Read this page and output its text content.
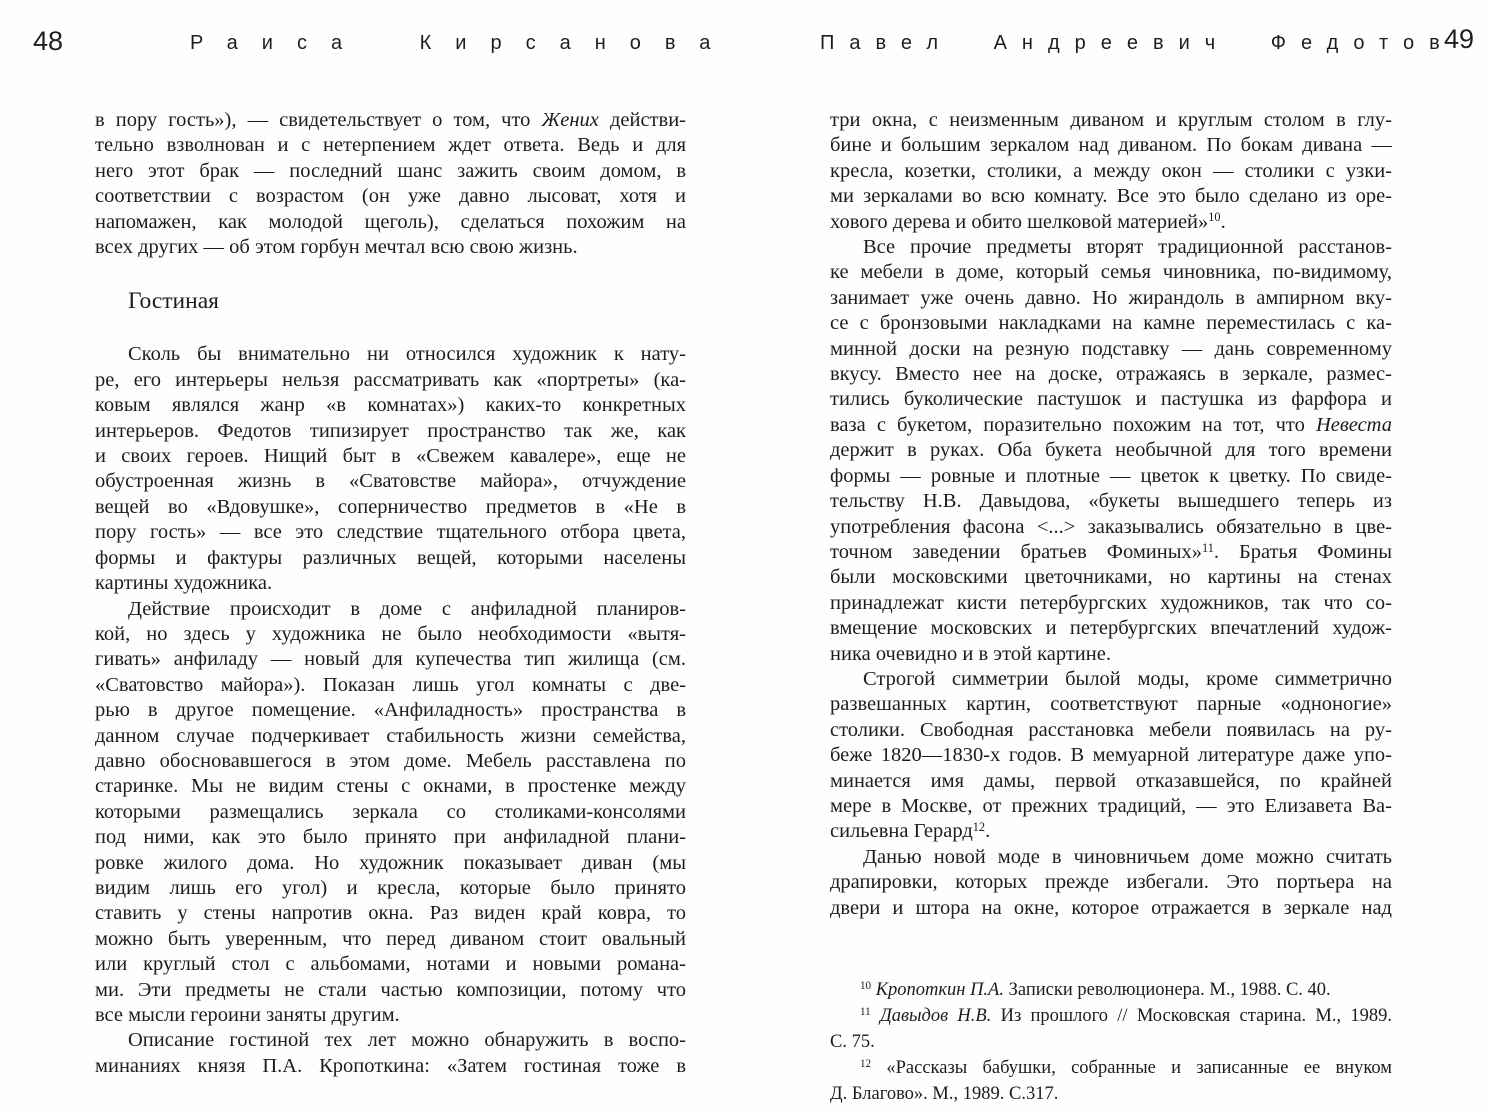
48	Раиса Кирсанова	Павел Андреевич Федотов
49
в пору гость»), — свидетельствует о том, что Жених действи-
тельно взволнован и с нетерпением ждет ответа. Ведь и для
него этот брак — последний шанс зажить своим домом, в
соответствии с возрастом (он уже давно лысоват, хотя и
напомажен, как молодой щеголь), сделаться похожим на
всех других — об этом горбун мечтал всю свою жизнь.
Гостиная
Сколь бы внимательно ни относился художник к нату-
ре, его интерьеры нельзя рассматривать как «портреты» (ка-
ковым являлся жанр «в комнатах») каких-то конкретных
интерьеров. Федотов типизирует пространство так же, как
и своих героев. Нищий быт в «Свежем кавалере», еще не
обустроенная жизнь в «Сватовстве майора», отчуждение
вещей во «Вдовушке», соперничество предметов в «Не в
пору гость» — все это следствие тщательного отбора цвета,
формы и фактуры различных вещей, которыми населены
картины художника.
Действие происходит в доме с анфиладной планиров-
кой, но здесь у художника не было необходимости «вытя-
гивать» анфиладу — новый для купечества тип жилища (см.
«Сватовство майора»). Показан лишь угол комнаты с две-
рью в другое помещение. «Анфиладность» пространства в
данном случае подчеркивает стабильность жизни семейства,
давно обосновавшегося в этом доме. Мебель расставлена по
старинке. Мы не видим стены с окнами, в простенке между
которыми размещались зеркала со столиками-консолями
под ними, как это было принято при анфиладной плани-
ровке жилого дома. Но художник показывает диван (мы
видим лишь его угол) и кресла, которые было принято
ставить у стены напротив окна. Раз виден край ковра, то
можно быть уверенным, что перед диваном стоит овальный
или круглый стол с альбомами, нотами и новыми романа-
ми. Эти предметы не стали частью композиции, потому что
все мысли героини заняты другим.
Описание гостиной тех лет можно обнаружить в воспо-
минаниях князя П.А. Кропоткина: «Затем гостиная тоже в
три окна, с неизменным диваном и круглым столом в глу-
бине и большим зеркалом над диваном. По бокам дивана —
кресла, козетки, столики, а между окон — столики с узки-
ми зеркалами во всю комнату. Все это было сделано из оре-
хового дерева и обито шелковой материей»$^{10}$.
Все прочие предметы вторят традиционной расстанов-
ке мебели в доме, который семья чиновника, по-видимому,
занимает уже очень давно. Но жирандоль в ампирном вку-
се с бронзовыми накладками на камне переместилась с ка-
минной доски на резную подставку — дань современному
вкусу. Вместо нее на доске, отражаясь в зеркале, размес-
тились буколические пастушок и пастушка из фарфора и
ваза с букетом, поразительно похожим на тот, что Невеста
держит в руках. Оба букета необычной для того времени
формы — ровные и плотные — цветок к цветку. По свиде-
тельству Н.В. Давыдова, «букеты вышедшего теперь из
употребления фасона <...> заказывались обязательно в цве-
точном заведении братьев Фоминых»$^{11}$. Братья Фомины
были московскими цветочниками, но картины на стенах
принадлежат кисти петербургских художников, так что со-
вмещение московских и петербургских впечатлений худож-
ника очевидно и в этой картине.
Строгой симметрии былой моды, кроме симметрично
развешанных картин, соответствуют парные «одноногие»
столики. Свободная расстановка мебели появилась на ру-
беже 1820—1830-х годов. В мемуарной литературе даже упо-
минается имя дамы, первой отказавшейся, по крайней
мере в Москве, от прежних традиций, — это Елизавета Ва-
сильевна Герард$^{12}$.
Данью новой моде в чиновничьем доме можно считать
драпировки, которых прежде избегали. Это портьера на
двери и штора на окне, которое отражается в зеркале над
$^{10}$ Кропоткин П.А. Записки революционера. М., 1988. С. 40.
$^{11}$ Давыдов Н.В. Из прошлого // Московская старина. М., 1989.
С. 75.
$^{12}$ «Рассказы бабушки, собранные и записанные ее внуком
Д. Благово». М., 1989. С.317.
